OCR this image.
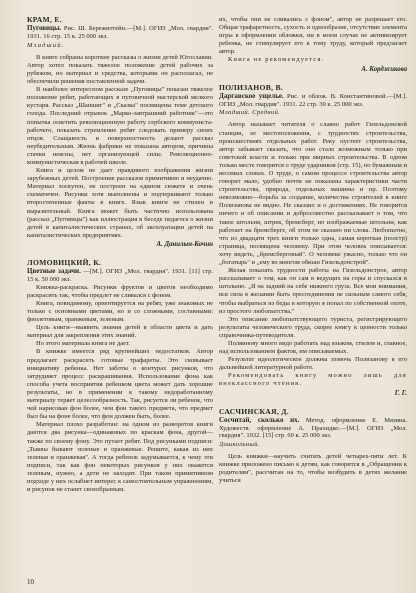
КРАМ, Е.

Пуговицы. Рис. Ш. Бережиттейн.—[М.]. ОГИЗ „Мол. гвардия". 1931. 16 стр. 15 к. 25 000 экз.

Младший.

В книге собраны короткие рассказы о жизни детей Югославии. Автор хотел показать тяжелое положение детей рабочих за рубежом, но материал и средства, которыми он располагал, не обеспечили решения поставленной задачи.

В наиболее интересном рассказе „Пуговицы" показан тяжелое положение ребят, работающих в пуговичной мастерской мелкого кустаря. Рассказ „Шаншиг" и „Сказка" посвящены теме детского голода. Последний отрывок „Марко-завтрашний работник"—это попытка осветить революционную работу сербского коммуниста-рабочего, показать стремление ребят следовать примеру своих отцов. Слащавость и поверхностность делают рассказ неубедительным. Жизнь фабрики не показана автором, причины стачки неясны, нет организующей силы. Революционно-коммунистическая в рабочей школе.

Книга и целом не дает правдивого изображения жизни зарубежных детей. Построение рассказов примитивно и неудачно. Материал лоскутен, не построен на едином сюжете и очень схематичен. Рисунки хотя выполнены и подчеркивают только второстепенные факты в книге. Язык книги не стилен и выразительный. Книга может быть частично использована (рассказ „Пуговицы") как иллюстрация в беседе педагога о жизни детей в капиталистических странах, об эксплуатации детей на капиталистических предприятиях.

А. Данилын-Кочин

ЛОМОВИЦКИЙ, К.

Цветные задачи. —[М.]. ОГИЗ „Мол. гвардия". 1931. [11] стр. 15 к. 50 000 экз.

Книжка-раскраска. Рисунки фруктов и цветов необходимо раскрасить так, чтобы предлет не сливался с фоном.

Книга, повидимому, ориентируется на ребят, уже знакомых не только с основными цветами, но и со сложными, составными: фиолетовым, оранжевым, зеленым.

Цель книги—выявить знания детей в области цвета и дать материал для закрепления этих знаний.

Но этого материала книга не дает.

В книжке имеется ряд крупнейших недостатков. Автор предлагает раскрасить готовые трафареты. Это сковывает инициативу ребенка. Нет заботы о контурах рисунков, что затрудняет процесс раскрашивания. Использование фона как способа учета восприятия ребенком цвета может дать хорошие результаты, но в применении к такому недоработанному материалу теряет целесообразность. Так, рисуется ли ребенок, что чей нарисован фон более, чем фон такого предмета, что предмет был бы на фоне более, что фон должен быть, более.

Материал плохо разработан: на одном из разворотов книги даются два рисунка—одинаковых по краскам фона, другой—также по своему фону. Это путает ребят. Под рисунками подписи: „Тыквы бывают зеленые и оранжевые. Решите, какая из них зеленая и оранжевая". А тогда ребенок задумывается, к чему эти подписи, так как фон некоторых рисунков у них окажется зеленым, нужно, а дети не находят. При таком примитивном подходе у них ослабнет интерес к самостоятельным упражнениям, и рисунок не станет своеобразным.

их, чтобы они не сливались с фоном", автор не разрешает его. Общая трафаретность, сухость и однообразие, отсутствие элемента игры в оформлении обложки, ни в моем случае не активизирует ребенка, не стимулирует его к тому труду, который предлагает автор.

Книга не рекомендуется.

А. Корджикова

ПОЛИЗАНОВ, В.

Даргавское ущелье. Рис. и облож. В. Константиновой.—[М.]. ОГИЗ „Мол. гвардия". 1931. 22 стр. 30 к. 25 000 экз.

Младший. Средний.

Автор называет читателя о славно работ Гизельдонской станции, ее местоположения, с трудностях строительства, происшествиях отдельных работ. Реку пустеет строительства, автор забывает сказать, что оно стало возможным только при советской власти и только при мирных строительства. В одном только месте говорится о труде ударников (стр. 15), но бумажным и весомых словах. О труде, о самом процессе строительства автор говорит мало, удобно почти не показаны характеристики части строительства, природа, отдельных машины и пр. Поэтому невозможно—борьба за создание, количества строителей в книге Полизанова не видно. Не сказано и о достижениях. Не говорится ничего и об описании и добросовестно рассказывает о том, что такое штольня, штрек, бремсберг, но изображаемые штольни, как работает на бремсберге, об этом не сказано ни слова. Любопытно, что из двадцати трех книги только одна, самая короткая (полстр) страница, посвящена человеку. При этом человек описывается: хочу видеть, „бремсберговый". О человеке ужасно, только что он „богатырь" и „ему во многом обязан Гизельдонстрой".

Желая показать трудности работы на Гизельдонстрое, автор рассказывает о том, как он сам в ведущих на горы и спускался в штольню. „Я на задний на себе нижнего груза. Все мои внимания, вся сила в желании быть пресоединения не сильным самого себя, чтобы выбраться из беды в которую я попал по собственной охоте, из простого любопытства."

Это описание любопытствующего туриста, регистрирующего результаты человеческого труда, скорее книгу к ценности только справочника-путеводителя.

Поляинову много видо работать над языком, стилем и, главное, над использованием фактов, им описываемых.

Результат идеологическое должны помочь Полизанову в его дальнейшей литературной работе.

Рекомендовать книгу можно лишь для внеклассного чтения.

Г. Г.

САСЧИНСКАЯ, Д.

Сосчитай, сколько их. Метод. оформление Е. Мязина. Художеств. оформление А. Прахидко.—[М.]. ОГИЗ „Мол. гвардия". 1932. [15] стр. 60 к. 25 000 экз.

Дошкольный.

Цель книжки—научить считать детей четырех-пяти лет. К книжке приложено письмо к детям, как говорится в „Обращении к родителям", рассчитан на то, чтобы возбудить в детях желание учиться

10
